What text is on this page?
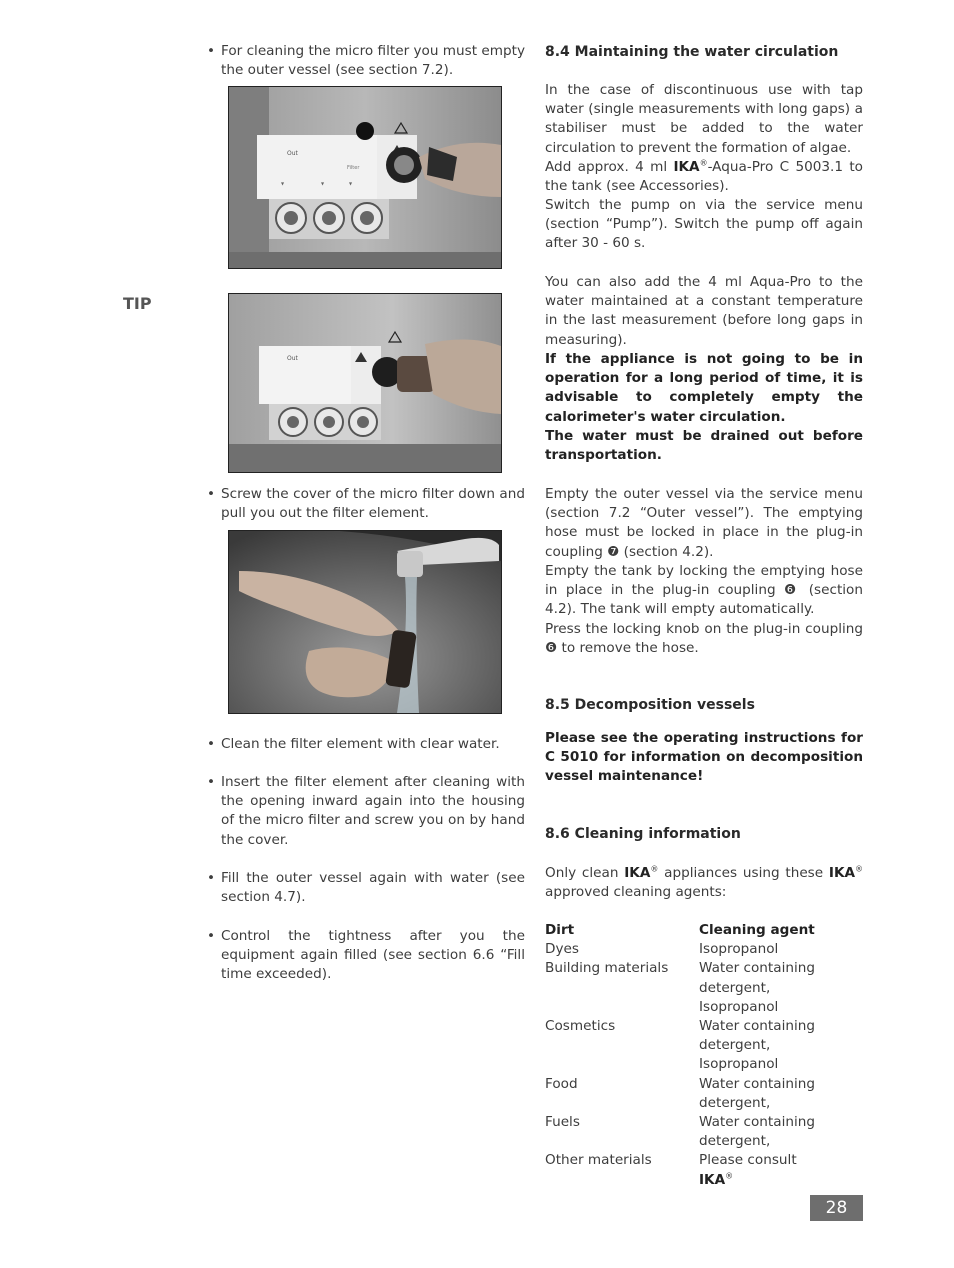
• For cleaning the micro filter you must empty the outer vessel (see section 7.2).
Out
Filter
▼	▼	▼
TIP
Out
• Screw the cover of the micro filter down and pull you out the filter element.
• Clean the filter element with clear water.
• Insert the filter element after cleaning with the opening inward again into the housing of the micro filter and screw you on by hand the cover.
• Fill the outer vessel again with water (see section 4.7).
• Control the tightness after you the equipment again filled (see section 6.6 “Fill time exceeded).
8.4 Maintaining the water circulation
In the case of discontinuous use with tap water (single measurements with long gaps) a stabiliser must be added to the water circulation to prevent the formation of algae.
Add approx. 4 ml IKA®-Aqua-Pro C 5003.1 to the tank (see Accessories).
Switch the pump on via the service menu (section “Pump”). Switch the pump off again after 30 - 60 s.
You can also add the 4 ml Aqua-Pro to the water maintained at a constant temperature in the last measurement (before long gaps in measuring).
If the appliance is not going to be in operation for a long period of time, it is advisable to completely empty the calorimeter's water circulation.
The water must be drained out before transportation.
Empty the outer vessel via the service menu (section 7.2 “Outer vessel”). The emptying hose must be locked in place in the plug-in coupling ❼ (section 4.2).
Empty the tank by locking the emptying hose in place in the plug-in coupling ❻ (section 4.2). The tank will empty automatically.
Press the locking knob on the plug-in coupling ❻ to remove the hose.
8.5 Decomposition vessels
Please see the operating instructions for C 5010 for information on decomposition vessel maintenance!
8.6 Cleaning information
Only clean IKA® appliances using these IKA® approved cleaning agents:
Dirt	Cleaning agent
Dyes	Isopropanol
Building materials	Water containing detergent, Isopropanol
Cosmetics	Water containing detergent, Isopropanol
Food	Water containing detergent,
Fuels	Water containing detergent,
Other materials	Please consult IKA®
28
